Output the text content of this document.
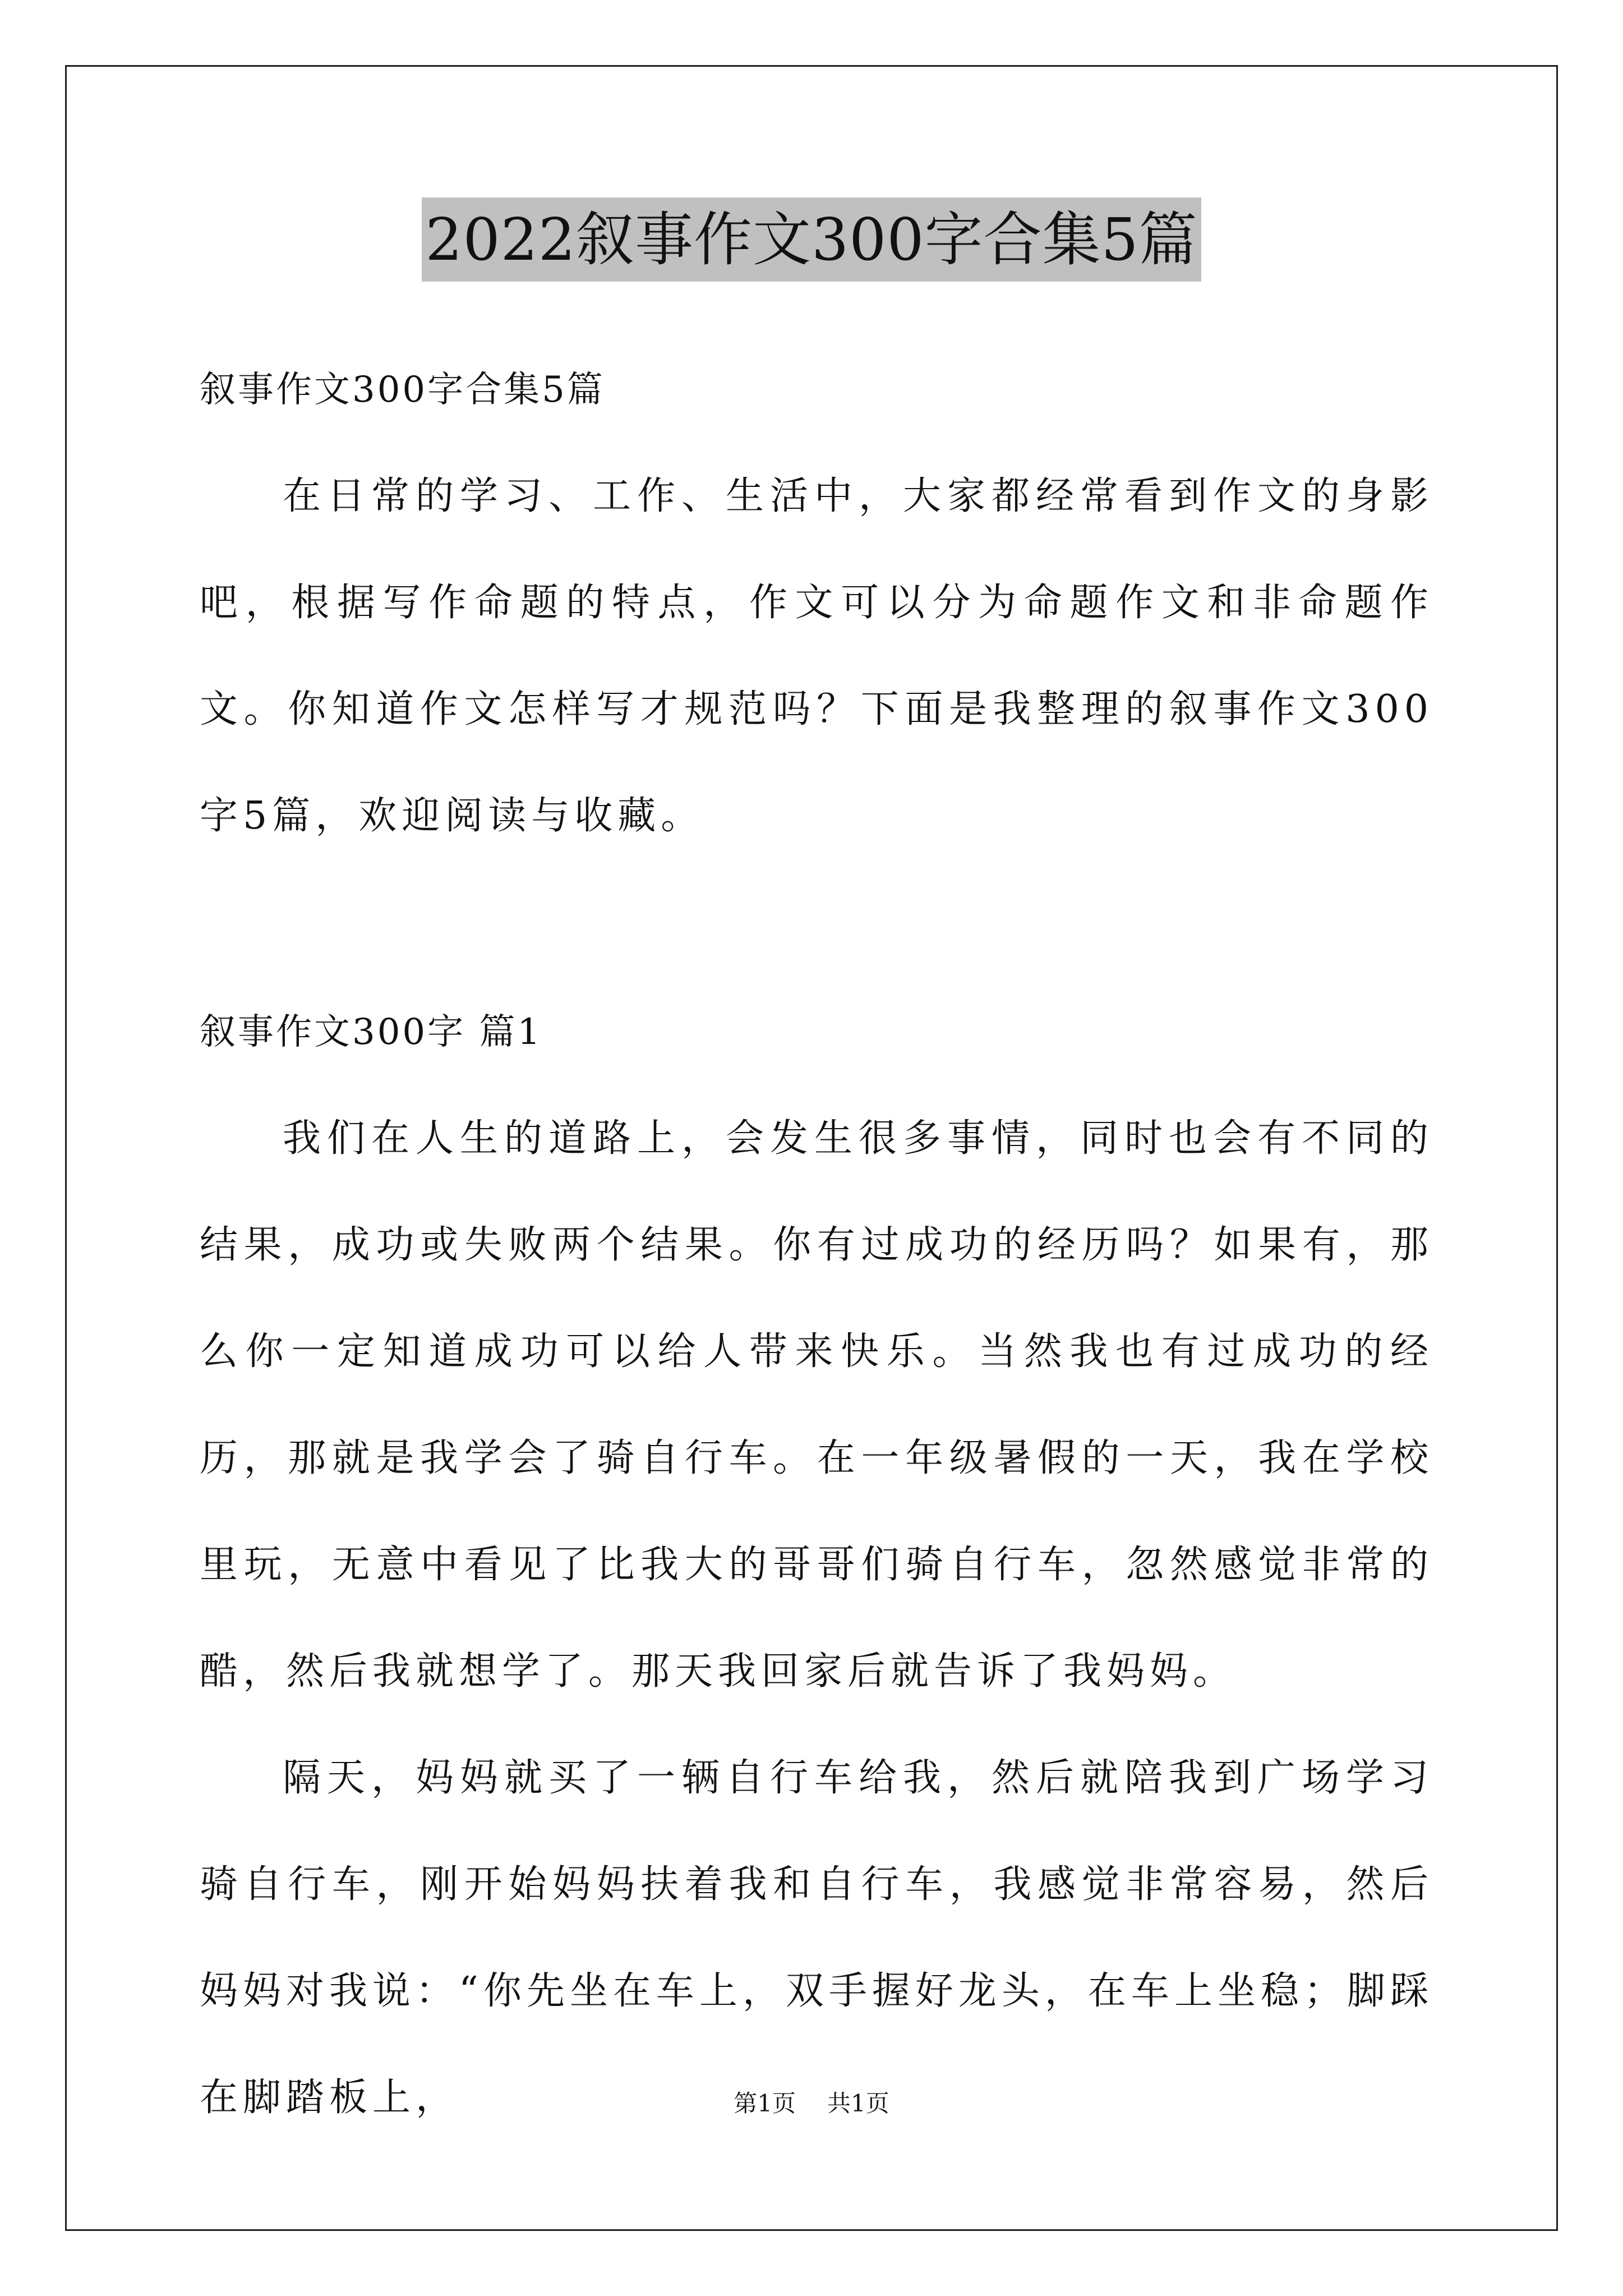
2022叙事作文300字合集5篇

叙事作文300字合集5篇

在日常的学习、工作、生活中，大家都经常看到作文的身影吧，根据写作命题的特点，作文可以分为命题作文和非命题作文。你知道作文怎样写才规范吗？下面是我整理的叙事作文300字5篇，欢迎阅读与收藏。

叙事作文300字 篇1

我们在人生的道路上，会发生很多事情，同时也会有不同的结果，成功或失败两个结果。你有过成功的经历吗？如果有，那么你一定知道成功可以给人带来快乐。当然我也有过成功的经历，那就是我学会了骑自行车。在一年级暑假的一天，我在学校里玩，无意中看见了比我大的哥哥们骑自行车，忽然感觉非常的酷，然后我就想学了。那天我回家后就告诉了我妈妈。

隔天，妈妈就买了一辆自行车给我，然后就陪我到广场学习骑自行车，刚开始妈妈扶着我和自行车，我感觉非常容易，然后妈妈对我说：“你先坐在车上，双手握好龙头，在车上坐稳；脚踩在脚踏板上，	第1页 共1页
